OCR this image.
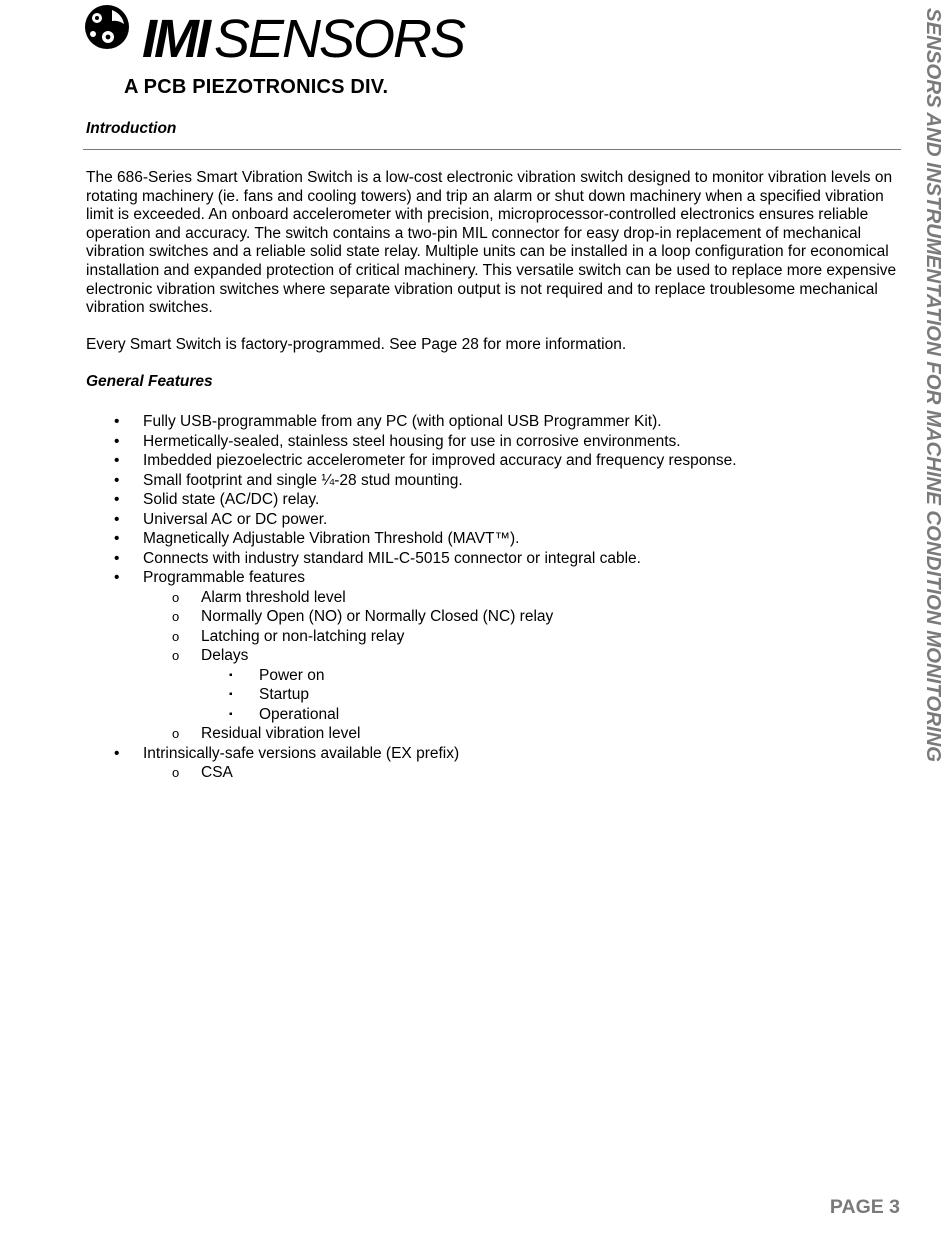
IMI SENSORS
A PCB PIEZOTRONICS DIV.
Introduction

The 686-Series Smart Vibration Switch is a low-cost electronic vibration switch designed to monitor vibration levels on rotating machinery (ie. fans and cooling towers) and trip an alarm or shut down machinery when a specified vibration limit is exceeded. An onboard accelerometer with precision, microprocessor-controlled electronics ensures reliable operation and accuracy. The switch contains a two-pin MIL connector for easy drop-in replacement of mechanical vibration switches and a reliable solid state relay. Multiple units can be installed in a loop configuration for economical installation and expanded protection of critical machinery. This versatile switch can be used to replace more expensive electronic vibration switches where separate vibration output is not required and to replace troublesome mechanical vibration switches.

Every Smart Switch is factory-programmed. See Page 28 for more information.

General Features
• Fully USB-programmable from any PC (with optional USB Programmer Kit).
• Hermetically-sealed, stainless steel housing for use in corrosive environments.
• Imbedded piezoelectric accelerometer for improved accuracy and frequency response.
• Small footprint and single ¼-28 stud mounting.
• Solid state (AC/DC) relay.
• Universal AC or DC power.
• Magnetically Adjustable Vibration Threshold (MAVT™).
• Connects with industry standard MIL-C-5015 connector or integral cable.
• Programmable features
o Alarm threshold level
o Normally Open (NO) or Normally Closed (NC) relay
o Latching or non-latching relay
o Delays
▪ Power on
▪ Startup
▪ Operational
o Residual vibration level
• Intrinsically-safe versions available (EX prefix)
o CSA
SENSORS AND INSTRUMENTATION FOR MACHINE CONDITION MONITORING
PAGE 3
